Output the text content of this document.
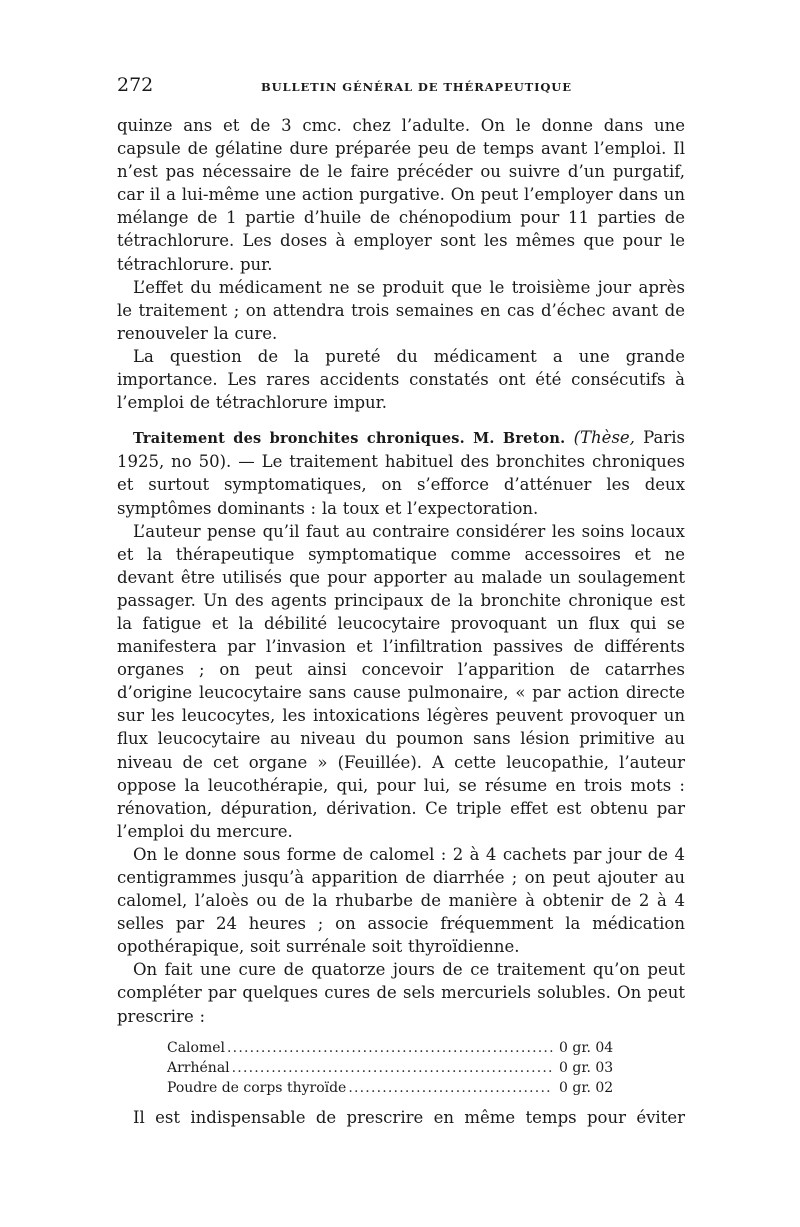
272	BULLETIN GÉNÉRAL DE THÉRAPEUTIQUE

quinze ans et de 3 cmc. chez l’adulte. On le donne dans une capsule de gélatine dure préparée peu de temps avant l’emploi. Il n’est pas nécessaire de le faire précéder ou suivre d’un purgatif, car il a lui-même une action purgative. On peut l’employer dans un mélange de 1 partie d’huile de chénopodium pour 11 parties de tétrachlorure. Les doses à employer sont les mêmes que pour le tétrachlorure. pur.

L’effet du médicament ne se produit que le troisième jour après le traitement ; on attendra trois semaines en cas d’échec avant de renouveler la cure.

La question de la pureté du médicament a une grande importance. Les rares accidents constatés ont été consécutifs à l’emploi de tétrachlorure impur.

Traitement des bronchites chroniques. M. Breton. (Thèse, Paris 1925, no 50). — Le traitement habituel des bronchites chroniques et surtout symptomatiques, on s’efforce d’atténuer les deux symptômes dominants : la toux et l’expectoration.

L’auteur pense qu’il faut au contraire considérer les soins locaux et la thérapeutique symptomatique comme accessoires et ne devant être utilisés que pour apporter au malade un soulagement passager. Un des agents principaux de la bronchite chronique est la fatigue et la débilité leucocytaire provoquant un flux qui se manifestera par l’invasion et l’infiltration passives de différents organes ; on peut ainsi concevoir l’apparition de catarrhes d’origine leucocytaire sans cause pulmonaire, « par action directe sur les leucocytes, les intoxications légères peuvent provoquer un flux leucocytaire au niveau du poumon sans lésion primitive au niveau de cet organe » (Feuillée). A cette leucopathie, l’auteur oppose la leucothérapie, qui, pour lui, se résume en trois mots : rénovation, dépuration, dérivation. Ce triple effet est obtenu par l’emploi du mercure.

On le donne sous forme de calomel : 2 à 4 cachets par jour de 4 centigrammes jusqu’à apparition de diarrhée ; on peut ajouter au calomel, l’aloès ou de la rhubarbe de manière à obtenir de 2 à 4 selles par 24 heures ; on associe fréquemment la médication opothérapique, soit surrénale soit thyroïdienne.

On fait une cure de quatorze jours de ce traitement qu’on peut compléter par quelques cures de sels mercuriels solubles. On peut prescrire :

Calomel .....	0 gr. 04
Arrhénal .....	0 gr. 03
Poudre de corps thyroïde .....	0 gr. 02
Il est indispensable de prescrire en même temps pour éviter
